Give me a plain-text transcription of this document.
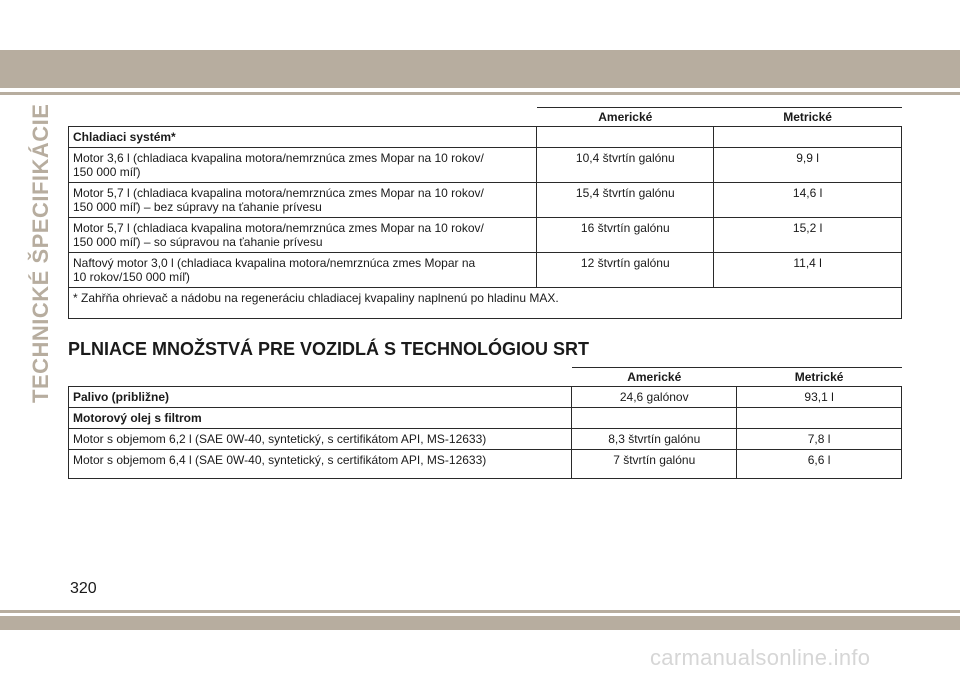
TECHNICKÉ ŠPECIFIKÁCIE
		Americké	Metrické
Chladiaci systém*		
Motor 3,6 l (chladiaca kvapalina motora/nemrznúca zmes Mopar na 10 rokov/
150 000 míľ)	10,4 štvrtín galónu	9,9 l
Motor 5,7 l (chladiaca kvapalina motora/nemrznúca zmes Mopar na 10 rokov/
150 000 míľ) – bez súpravy na ťahanie prívesu	15,4 štvrtín galónu	14,6 l
Motor 5,7 l (chladiaca kvapalina motora/nemrznúca zmes Mopar na 10 rokov/
150 000 míľ) – so súpravou na ťahanie prívesu	16 štvrtín galónu	15,2 l
Naftový motor 3,0 l (chladiaca kvapalina motora/nemrznúca zmes Mopar na
10 rokov/150 000 míľ)	12 štvrtín galónu	11,4 l
* Zahřňa ohrievač a nádobu na regeneráciu chladiacej kvapaliny naplnenú po hladinu MAX.		
PLNIACE MNOŽSTVÁ PRE VOZIDLÁ S TECHNOLÓGIOU SRT
	Americké	Metrické
Palivo (približne)	24,6 galónov	93,1 l
Motorový olej s filtrom		
Motor s objemom 6,2 l (SAE 0W-40, syntetický, s certifikátom API, MS-12633)	8,3 štvrtín galónu	7,8 l
Motor s objemom 6,4 l (SAE 0W-40, syntetický, s certifikátom API, MS-12633)	7 štvrtín galónu	6,6 l
320
carmanualsonline.info
